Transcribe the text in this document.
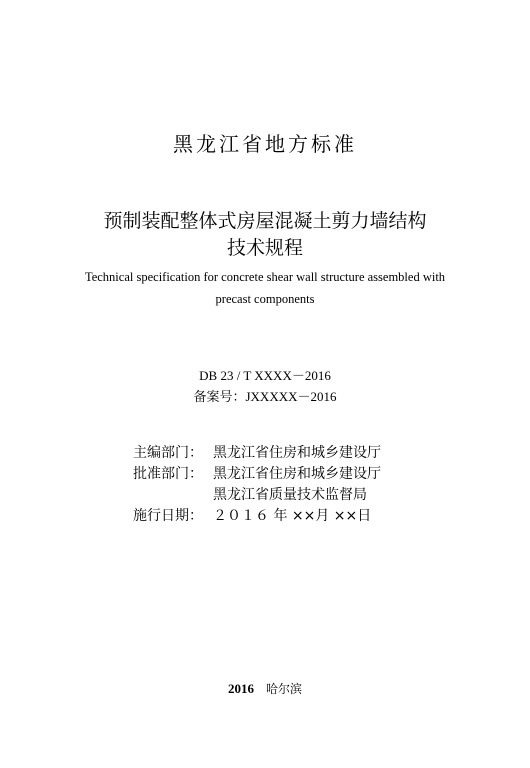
黑龙江省地方标准
预制装配整体式房屋混凝土剪力墙结构
技术规程
Technical specification for concrete shear wall structure assembled with
precast components
DB 23 / T XXXX－2016
备案号：JXXXXX－2016
主编部门： 黑龙江省住房和城乡建设厅
批准部门： 黑龙江省住房和城乡建设厅
黑龙江省质量技术监督局
施行日期： ２０１６ 年 ××月 ××日
2016 哈尔滨
